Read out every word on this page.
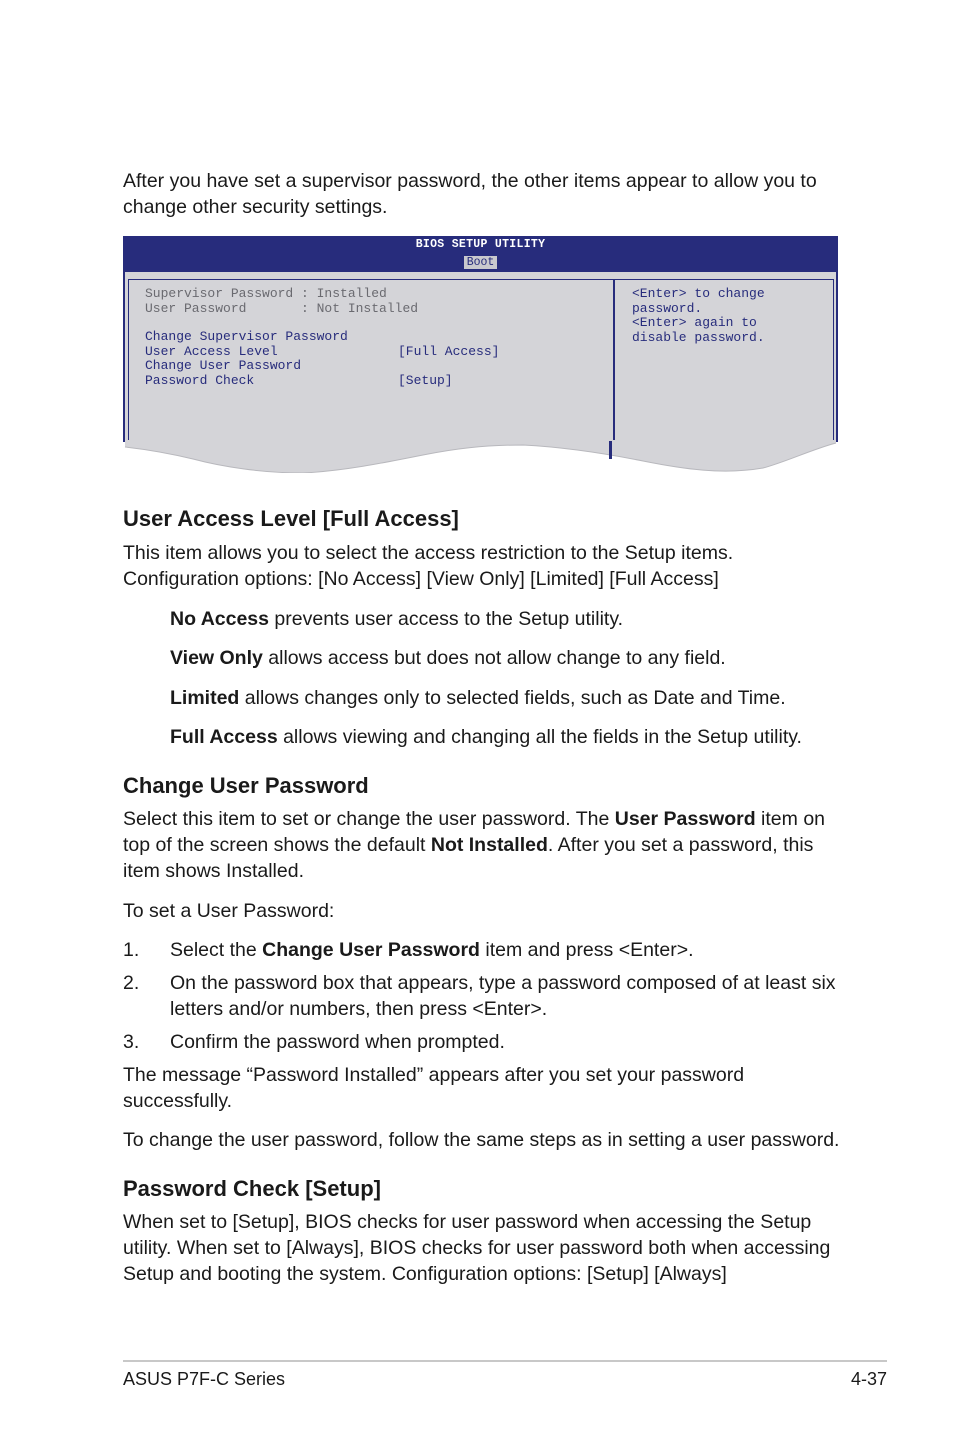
After you have set a supervisor password, the other items appear to allow you to
change other security settings.

BIOS SETUP UTILITY
Boot
Supervisor Password : Installed
User Password       : Not Installed
Change Supervisor Password
User Access Level	[Full Access]
Change User Password
Password Check	[Setup]
<Enter> to change
password.
<Enter> again to
disable password.
User Access Level [Full Access]

This item allows you to select the access restriction to the Setup items.
Configuration options: [No Access] [View Only] [Limited] [Full Access]

No Access prevents user access to the Setup utility.

View Only allows access but does not allow change to any field.

Limited allows changes only to selected fields, such as Date and Time.

Full Access allows viewing and changing all the fields in the Setup utility.

Change User Password

Select this item to set or change the user password. The User Password item on
top of the screen shows the default Not Installed. After you set a password, this
item shows Installed.

To set a User Password:

1.	Select the Change User Password item and press <Enter>.

2.	On the password box that appears, type a password composed of at least six
letters and/or numbers, then press <Enter>.

3.	Confirm the password when prompted.

The message “Password Installed” appears after you set your password
successfully.

To change the user password, follow the same steps as in setting a user password.

Password Check [Setup]

When set to [Setup], BIOS checks for user password when accessing the Setup
utility. When set to [Always], BIOS checks for user password both when accessing
Setup and booting the system. Configuration options: [Setup] [Always]

ASUS P7F-C Series	4-37
